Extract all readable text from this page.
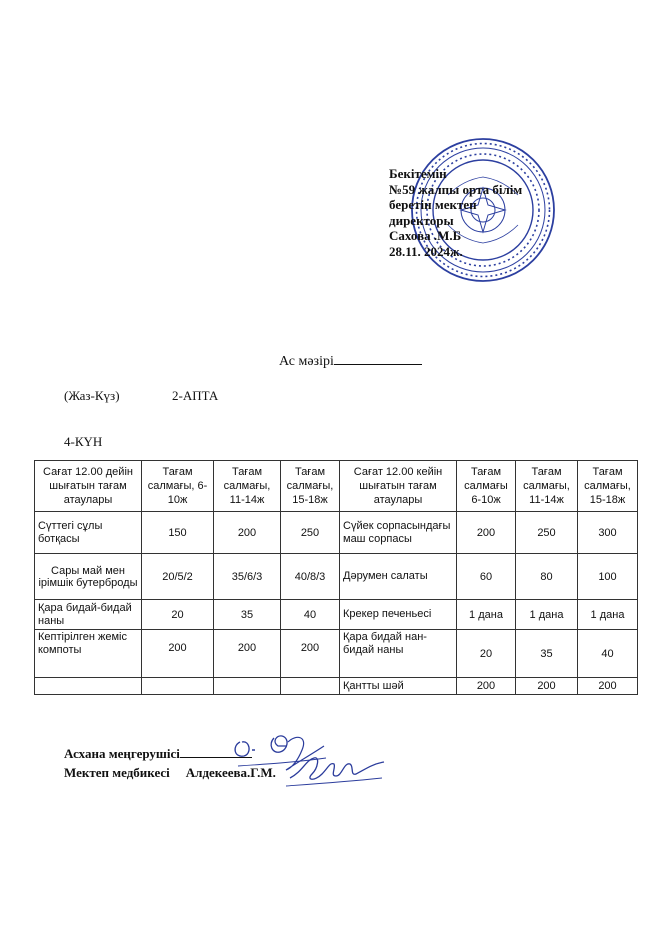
Бекітемін
№59 жалпы орта білім
беретін мектеп
директоры
Сахова .М.Б
28.11. 2024ж.
Ас мәзірі
(Жаз-Күз)	2-АПТА
4-КҮН
Сағат 12.00 дейін шығатын тағам атаулары	Тағам салмағы, 6-10ж	Тағам салмағы, 11-14ж	Тағам салмағы, 15-18ж	Сағат 12.00 кейін шығатын тағам атаулары	Тағам салмағы 6-10ж	Тағам салмағы, 11-14ж	Тағам салмағы, 15-18ж
Сүттегі сұлы ботқасы	150	200	250	Сүйек сорпасындағы маш сорпасы	200	250	300
Сары май мен ірімшік бутерброды	20/5/2	35/6/3	40/8/3	Дәрумен салаты	60	80	100
Қара бидай-бидай наны	20	35	40	Крекер печеньесі	1 дана	1 дана	1 дана
Кептірілген жеміс компоты	200	200	200	Қара бидай нан-бидай наны	20	35	40
				Қантты шәй	200	200	200
Асхана меңгерушісі
Мектеп медбикесі Алдекеева.Г.М.
